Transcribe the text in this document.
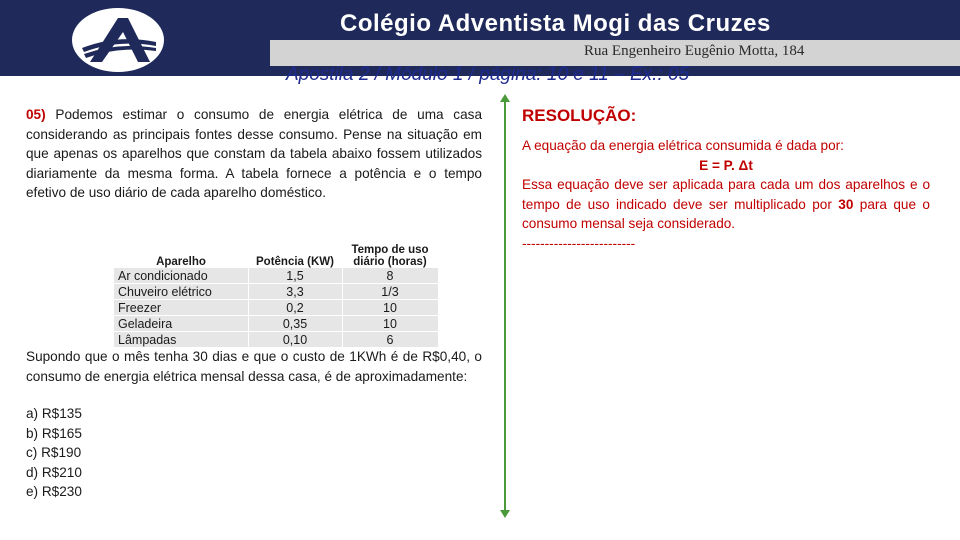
Colégio Adventista Mogi das Cruzes
Rua Engenheiro Eugênio Motta, 184
Apostila 2 / Módulo 1 / página: 10 e 11 – Ex.: 05
05) Podemos estimar o consumo de energia elétrica de uma casa considerando as principais fontes desse consumo. Pense na situação em que apenas os aparelhos que constam da tabela abaixo fossem utilizados diariamente da mesma forma. A tabela fornece a potência e o tempo efetivo de uso diário de cada aparelho doméstico.
Aparelho	Potência (KW)	Tempo de uso diário (horas)
Ar condicionado	1,5	8
Chuveiro elétrico	3,3	1/3
Freezer	0,2	10
Geladeira	0,35	10
Lâmpadas	0,10	6
Supondo que o mês tenha 30 dias e que o custo de 1KWh é de R$0,40, o consumo de energia elétrica mensal dessa casa, é de aproximadamente:
a) R$135
b) R$165
c) R$190
d) R$210
e) R$230
RESOLUÇÃO:
A equação da energia elétrica consumida é dada por:
E = P. Δt
Essa equação deve ser aplicada para cada um dos aparelhos e o tempo de uso indicado deve ser multiplicado por 30 para que o consumo mensal seja considerado.
-------------------------
